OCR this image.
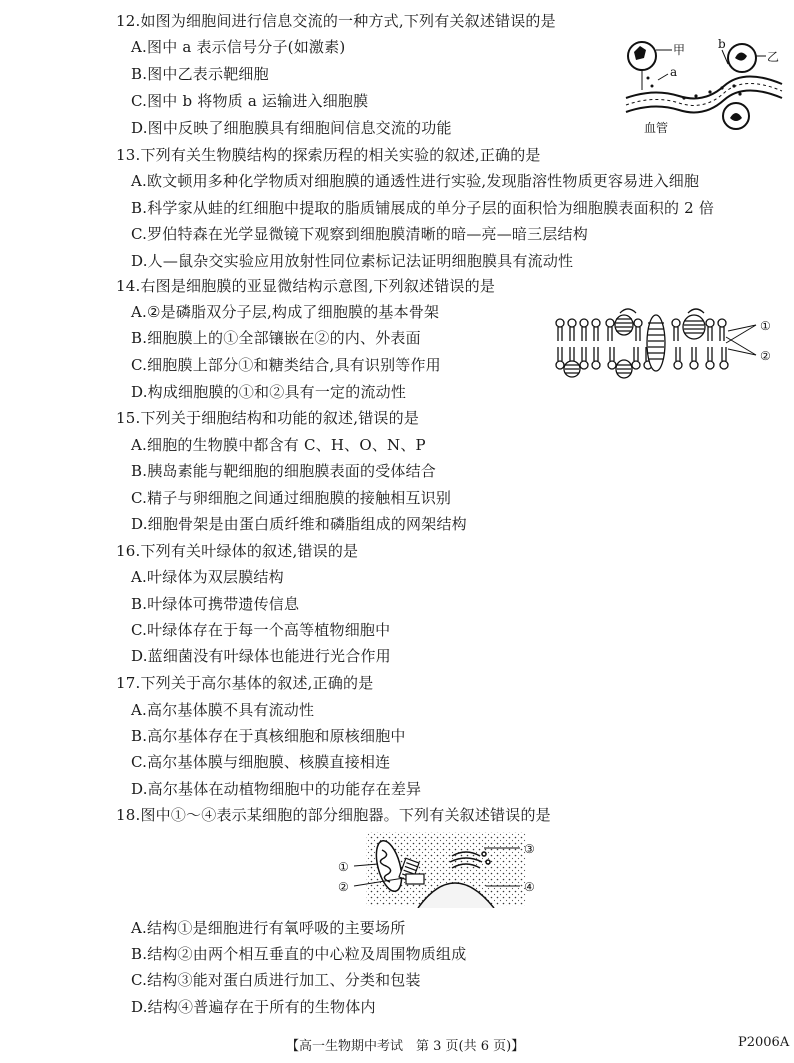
12.如图为细胞间进行信息交流的一种方式,下列有关叙述错误的是
A.图中 a 表示信号分子(如激素)
B.图中乙表示靶细胞
C.图中 b 将物质 a 运输进入细胞膜
D.图中反映了细胞膜具有细胞间信息交流的功能
甲
a
乙
b
血管
13.下列有关生物膜结构的探索历程的相关实验的叙述,正确的是
A.欧文顿用多种化学物质对细胞膜的通透性进行实验,发现脂溶性物质更容易进入细胞
B.科学家从蛙的红细胞中提取的脂质铺展成的单分子层的面积恰为细胞膜表面积的 2 倍
C.罗伯特森在光学显微镜下观察到细胞膜清晰的暗—亮—暗三层结构
D.人—鼠杂交实验应用放射性同位素标记法证明细胞膜具有流动性
14.右图是细胞膜的亚显微结构示意图,下列叙述错误的是
A.②是磷脂双分子层,构成了细胞膜的基本骨架
B.细胞膜上的①全部镶嵌在②的内、外表面
C.细胞膜上部分①和糖类结合,具有识别等作用
D.构成细胞膜的①和②具有一定的流动性
①
②
15.下列关于细胞结构和功能的叙述,错误的是
A.细胞的生物膜中都含有 C、H、O、N、P
B.胰岛素能与靶细胞的细胞膜表面的受体结合
C.精子与卵细胞之间通过细胞膜的接触相互识别
D.细胞骨架是由蛋白质纤维和磷脂组成的网架结构
16.下列有关叶绿体的叙述,错误的是
A.叶绿体为双层膜结构
B.叶绿体可携带遗传信息
C.叶绿体存在于每一个高等植物细胞中
D.蓝细菌没有叶绿体也能进行光合作用
17.下列关于高尔基体的叙述,正确的是
A.高尔基体膜不具有流动性
B.高尔基体存在于真核细胞和原核细胞中
C.高尔基体膜与细胞膜、核膜直接相连
D.高尔基体在动植物细胞中的功能存在差异
18.图中①～④表示某细胞的部分细胞器。下列有关叙述错误的是
①
②
③
④
A.结构①是细胞进行有氧呼吸的主要场所
B.结构②由两个相互垂直的中心粒及周围物质组成
C.结构③能对蛋白质进行加工、分类和包装
D.结构④普遍存在于所有的生物体内
【高一生物期中考试　第 3 页(共 6 页)】	P2006A
